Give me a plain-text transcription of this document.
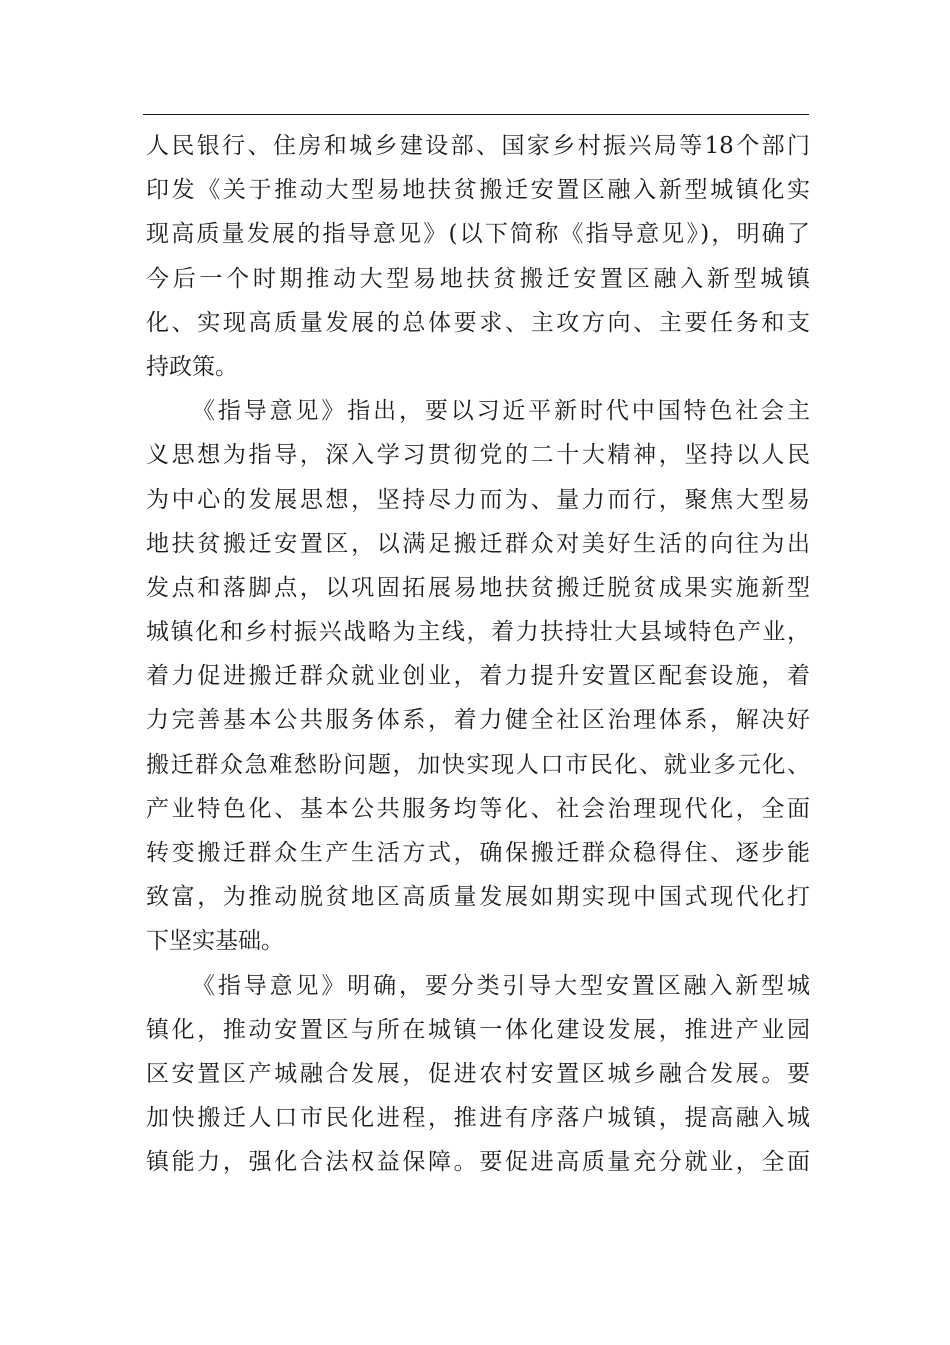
人民银行、住房和城乡建设部、国家乡村振兴局等18个部门
印发《关于推动大型易地扶贫搬迁安置区融入新型城镇化实
现高质量发展的指导意见》(以下简称《指导意见》)，明确了
今后一个时期推动大型易地扶贫搬迁安置区融入新型城镇
化、实现高质量发展的总体要求、主攻方向、主要任务和支
持政策。
《指导意见》指出，要以习近平新时代中国特色社会主
义思想为指导，深入学习贯彻党的二十大精神，坚持以人民
为中心的发展思想，坚持尽力而为、量力而行，聚焦大型易
地扶贫搬迁安置区，以满足搬迁群众对美好生活的向往为出
发点和落脚点，以巩固拓展易地扶贫搬迁脱贫成果实施新型
城镇化和乡村振兴战略为主线，着力扶持壮大县域特色产业，
着力促进搬迁群众就业创业，着力提升安置区配套设施，着
力完善基本公共服务体系，着力健全社区治理体系，解决好
搬迁群众急难愁盼问题，加快实现人口市民化、就业多元化、
产业特色化、基本公共服务均等化、社会治理现代化，全面
转变搬迁群众生产生活方式，确保搬迁群众稳得住、逐步能
致富，为推动脱贫地区高质量发展如期实现中国式现代化打
下坚实基础。
《指导意见》明确，要分类引导大型安置区融入新型城
镇化，推动安置区与所在城镇一体化建设发展，推进产业园
区安置区产城融合发展，促进农村安置区城乡融合发展。要
加快搬迁人口市民化进程，推进有序落户城镇，提高融入城
镇能力，强化合法权益保障。要促进高质量充分就业，全面
